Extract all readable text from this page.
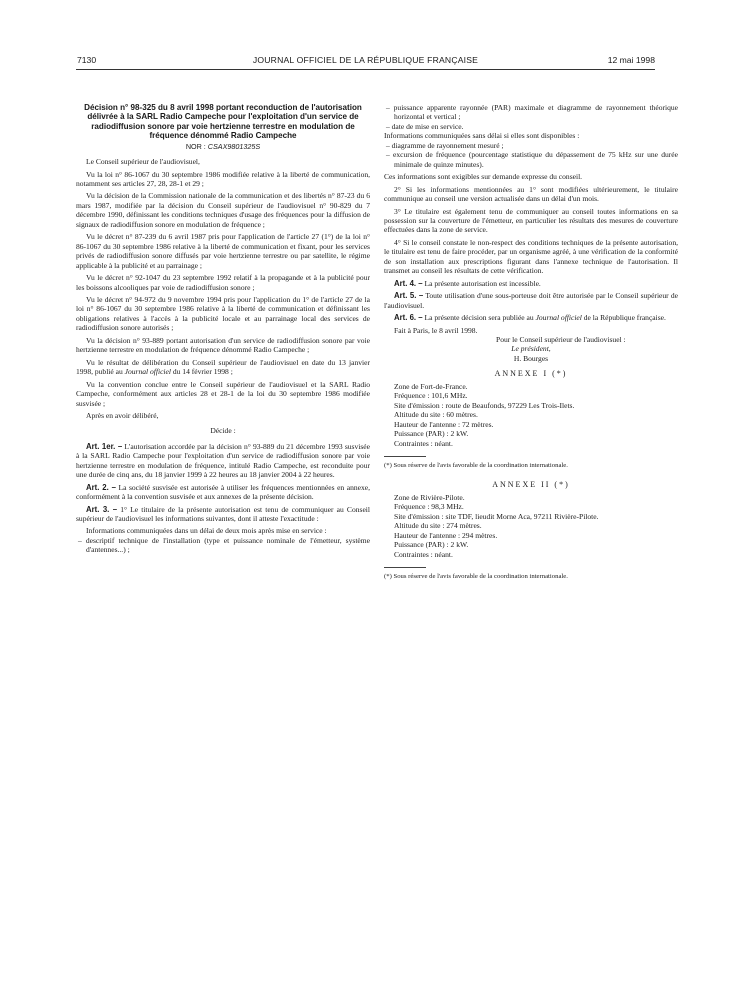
7130	JOURNAL OFFICIEL DE LA RÉPUBLIQUE FRANÇAISE	12 mai 1998

Décision n° 98-325 du 8 avril 1998 portant reconduction de l'autorisation délivrée à la SARL Radio Campeche pour l'exploitation d'un service de radiodiffusion sonore par voie hertzienne terrestre en modulation de fréquence dénommé Radio Campeche

NOR : CSAX9801325S

Le Conseil supérieur de l'audiovisuel,

Vu la loi n° 86-1067 du 30 septembre 1986 modifiée relative à la liberté de communication, notamment ses articles 27, 28, 28-1 et 29 ;

Vu la décision de la Commission nationale de la communication et des libertés n° 87-23 du 6 mars 1987, modifiée par la décision du Conseil supérieur de l'audiovisuel n° 90-829 du 7 décembre 1990, définissant les conditions techniques d'usage des fréquences pour la diffusion de signaux de radiodiffusion sonore en modulation de fréquence ;

Vu le décret n° 87-239 du 6 avril 1987 pris pour l'application de l'article 27 (1°) de la loi n° 86-1067 du 30 septembre 1986 relative à la liberté de communication et fixant, pour les services privés de radiodiffusion sonore diffusés par voie hertzienne terrestre ou par satellite, le régime applicable à la publicité et au parrainage ;

Vu le décret n° 92-1047 du 23 septembre 1992 relatif à la propagande et à la publicité pour les boissons alcooliques par voie de radiodiffusion sonore ;

Vu le décret n° 94-972 du 9 novembre 1994 pris pour l'application du 1° de l'article 27 de la loi n° 86-1067 du 30 septembre 1986 relative à la liberté de communication et définissant les obligations relatives à l'accès à la publicité locale et au parrainage local des services de radiodiffusion sonore autorisés ;

Vu la décision n° 93-889 portant autorisation d'un service de radiodiffusion sonore par voie hertzienne terrestre en modulation de fréquence dénommé Radio Campeche ;

Vu le résultat de délibération du Conseil supérieur de l'audiovisuel en date du 13 janvier 1998, publié au Journal officiel du 14 février 1998 ;

Vu la convention conclue entre le Conseil supérieur de l'audiovisuel et la SARL Radio Campeche, conformément aux articles 28 et 28-1 de la loi du 30 septembre 1986 modifiée susvisée ;

Après en avoir délibéré,

Décide :

Art. 1er. – L'autorisation accordée par la décision n° 93-889 du 21 décembre 1993 susvisée à la SARL Radio Campeche pour l'exploitation d'un service de radiodiffusion sonore par voie hertzienne terrestre en modulation de fréquence, intitulé Radio Campeche, est reconduite pour une durée de cinq ans, du 18 janvier 1999 à 22 heures au 18 janvier 2004 à 22 heures.

Art. 2. – La société susvisée est autorisée à utiliser les fréquences mentionnées en annexe, conformément à la convention susvisée et aux annexes de la présente décision.

Art. 3. – 1° Le titulaire de la présente autorisation est tenu de communiquer au Conseil supérieur de l'audiovisuel les informations suivantes, dont il atteste l'exactitude :

Informations communiquées dans un délai de deux mois après mise en service :

– descriptif technique de l'installation (type et puissance nominale de l'émetteur, système d'antennes...) ;

– puissance apparente rayonnée (PAR) maximale et diagramme de rayonnement théorique horizontal et vertical ;

– date de mise en service.

Informations communiquées sans délai si elles sont disponibles :

– diagramme de rayonnement mesuré ;

– excursion de fréquence (pourcentage statistique du dépassement de 75 kHz sur une durée minimale de quinze minutes).

Ces informations sont exigibles sur demande expresse du conseil.

2° Si les informations mentionnées au 1° sont modifiées ultérieurement, le titulaire communique au conseil une version actualisée dans un délai d'un mois.

3° Le titulaire est également tenu de communiquer au conseil toutes informations en sa possession sur la couverture de l'émetteur, en particulier les résultats des mesures de couverture effectuées dans la zone de service.

4° Si le conseil constate le non-respect des conditions techniques de la présente autorisation, le titulaire est tenu de faire procéder, par un organisme agréé, à une vérification de la conformité de son installation aux prescriptions figurant dans l'annexe technique de l'autorisation. Il transmet au conseil les résultats de cette vérification.

Art. 4. – La présente autorisation est incessible.

Art. 5. – Toute utilisation d'une sous-porteuse doit être autorisée par le Conseil supérieur de l'audiovisuel.

Art. 6. – La présente décision sera publiée au Journal officiel de la République française.

Fait à Paris, le 8 avril 1998.

Pour le Conseil supérieur de l'audiovisuel :

Le président,

H. Bourges

ANNEXE I (*)

Zone de Fort-de-France.

Fréquence : 101,6 MHz.

Site d'émission : route de Beaufonds, 97229 Les Trois-Ilets.

Altitude du site : 60 mètres.

Hauteur de l'antenne : 72 mètres.

Puissance (PAR) : 2 kW.

Contraintes : néant.

(*) Sous réserve de l'avis favorable de la coordination internationale.

ANNEXE II (*)

Zone de Rivière-Pilote.

Fréquence : 98,3 MHz.

Site d'émission : site TDF, lieudit Morne Aca, 97211 Rivière-Pilote.

Altitude du site : 274 mètres.

Hauteur de l'antenne : 294 mètres.

Puissance (PAR) : 2 kW.

Contraintes : néant.

(*) Sous réserve de l'avis favorable de la coordination internationale.
